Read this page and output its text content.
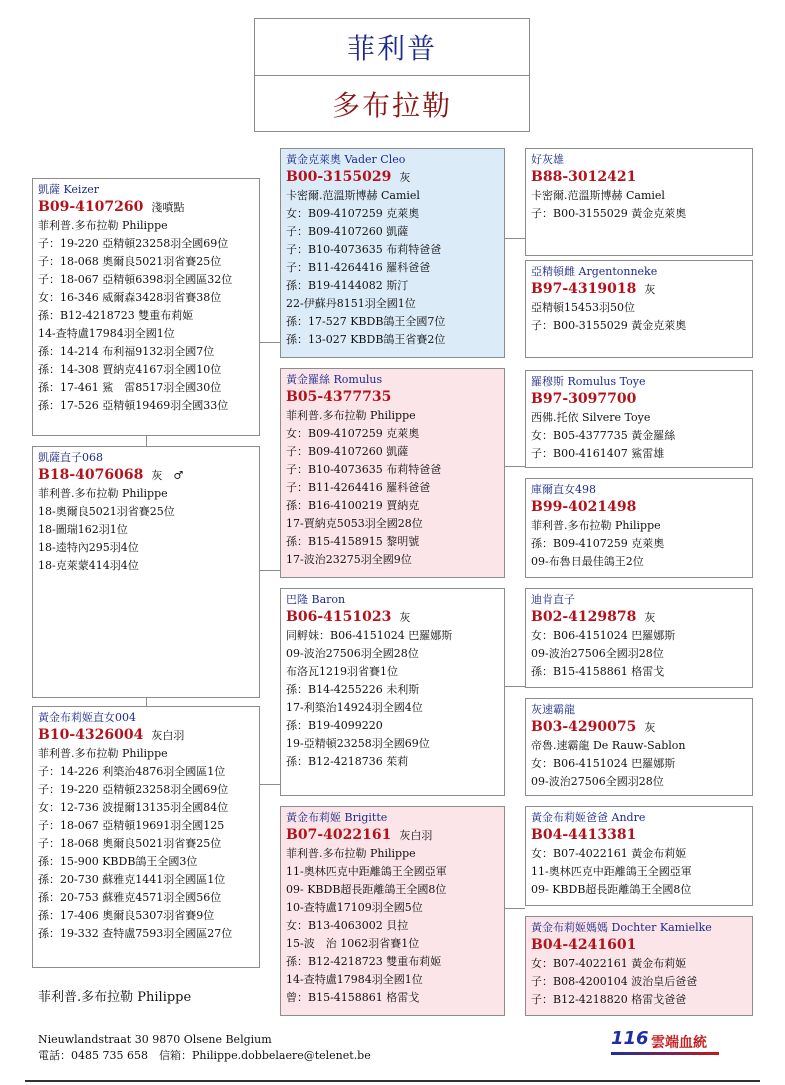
菲利普
多布拉勒
凱薩 Keizer
B09-4107260 淺噴點
菲利普.多布拉勒 Philippe
子：19-220 亞精頓23258羽全國69位
子：18-068 奧爾良5021羽省賽25位
子：18-067 亞精頓6398羽全國區32位
女：16-346 威爾森3428羽省賽38位
孫：B12-4218723 雙重布莉姬
14-查特盧17984羽全國1位
孫：14-214 布利福9132羽全國7位
孫：14-308 賈納克4167羽全國10位
孫：17-461 鯊　雷8517羽全國30位
孫：17-526 亞精頓19469羽全國33位
凱薩直子068
B18-4076068 灰　♂
菲利普.多布拉勒 Philippe
18-奧爾良5021羽省賽25位
18-圖瑞162羽1位
18-逵特內295羽4位
18-克萊蒙414羽4位
黃金布莉姬直女004
B10-4326004 灰白羽
菲利普.多布拉勒 Philippe
子：14-226 利築治4876羽全國區1位
子：19-220 亞精頓23258羽全國69位
女：12-736 波提爾13135羽全國84位
子：18-067 亞精頓19691羽全國125
子：18-068 奧爾良5021羽省賽25位
孫：15-900 KBDB鴿王全國3位
孫：20-730 蘇雅克1441羽全國區1位
孫：20-753 蘇雅克4571羽全國56位
孫：17-406 奧爾良5307羽省賽9位
孫：19-332 查特盧7593羽全國區27位
黃金克萊奧 Vader Cleo
B00-3155029 灰
卡密爾.范溫斯博赫 Camiel
女：B09-4107259 克萊奧
子：B09-4107260 凱薩
子：B10-4073635 布莉特爸爸
子：B11-4264416 羅科爸爸
孫：B19-4144082 斯汀
22-伊蘇丹8151羽全國1位
孫：17-527 KBDB鴿王全國7位
孫：13-027 KBDB鴿王省賽2位
黃金羅絲 Romulus
B05-4377735
菲利普.多布拉勒 Philippe
女：B09-4107259 克萊奧
子：B09-4107260 凱薩
子：B10-4073635 布莉特爸爸
子：B11-4264416 羅科爸爸
孫：B16-4100219 賈納克
17-賈納克5053羽全國28位
孫：B15-4158915 黎明號
17-波治23275羽全國9位
巴隆 Baron
B06-4151023 灰
同孵妹：B06-4151024 巴羅娜斯
09-波治27506羽全國28位
布洛瓦1219羽省賽1位
孫：B14-4255226 未利斯
17-利築治14924羽全國4位
孫：B19-4099220
19-亞精頓23258羽全國69位
孫：B12-4218736 茱莉
黃金布莉姬 Brigitte
B07-4022161 灰白羽
菲利普.多布拉勒 Philippe
11-奧林匹克中距離鴿王全國亞軍
09- KBDB超長距離鴿王全國8位
10-查特盧17109羽全國5位
女：B13-4063002 貝拉
15-波　治 1062羽省賽1位
孫：B12-4218723 雙重布莉姬
14-查特盧17984羽全國1位
曾：B15-4158861 格雷戈
好灰雄
B88-3012421
卡密爾.范溫斯博赫 Camiel
子：B00-3155029 黃金克萊奧
亞精頓雌 Argentonneke
B97-4319018 灰
亞精頓15453羽50位
子：B00-3155029 黃金克萊奧
羅穆斯 Romulus Toye
B97-3097700
西佛.托依 Silvere Toye
女：B05-4377735 黃金羅絲
子：B00-4161407 鯊雷雄
庫爾直女498
B99-4021498
菲利普.多布拉勒 Philippe
孫：B09-4107259 克萊奧
09-布魯日最佳鴿王2位
迪肯直子
B02-4129878 灰
女：B06-4151024 巴羅娜斯
09-波治27506全國羽28位
孫：B15-4158861 格雷戈
灰速霸龍
B03-4290075 灰
帝魯.速霸龍 De Rauw-Sablon
女：B06-4151024 巴羅娜斯
09-波治27506全國羽28位
黃金布莉姬爸爸 Andre
B04-4413381
女：B07-4022161 黃金布莉姬
11-奧林匹克中距離鴿王全國亞軍
09- KBDB超長距離鴿王全國8位
黃金布莉姬媽媽 Dochter Kamielke
B04-4241601
女：B07-4022161 黃金布莉姬
子：B08-4200104 波治皇后爸爸
子：B12-4218820 格雷戈爸爸
菲利普.多布拉勒 Philippe
Nieuwlandstraat 30 9870 Olsene Belgium
電話：0485 735 658　信箱：Philippe.dobbelaere@telenet.be
116 雲端血統
